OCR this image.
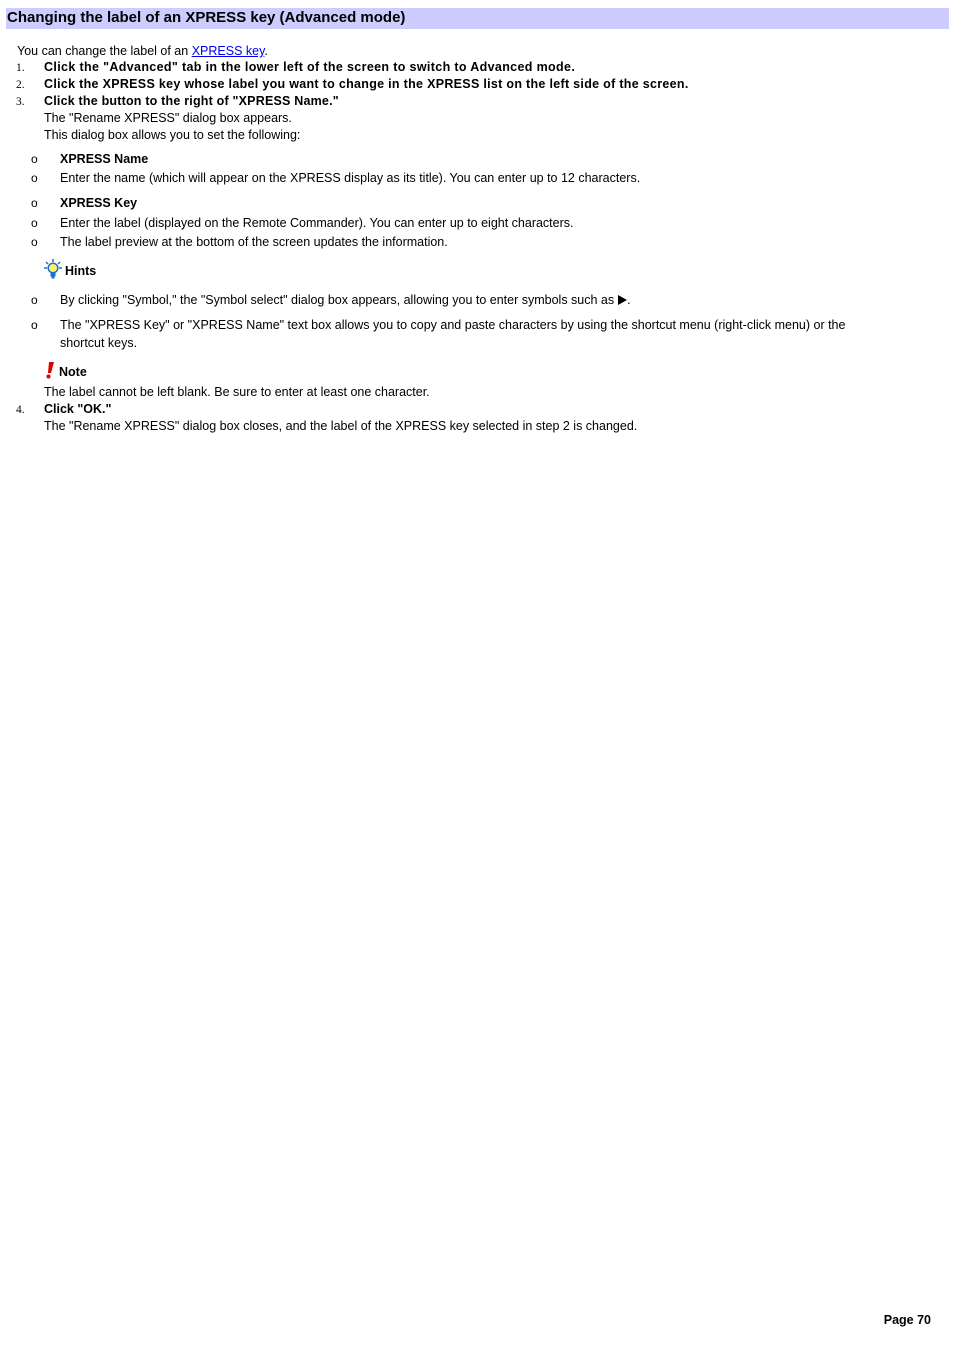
Changing the label of an XPRESS key (Advanced mode)
You can change the label of an XPRESS key.
1. Click the "Advanced" tab in the lower left of the screen to switch to Advanced mode.
2. Click the XPRESS key whose label you want to change in the XPRESS list on the left side of the screen.
3. Click the button to the right of "XPRESS Name."
The "Rename XPRESS" dialog box appears.
This dialog box allows you to set the following:
o XPRESS Name
o Enter the name (which will appear on the XPRESS display as its title). You can enter up to 12 characters.
o XPRESS Key
o Enter the label (displayed on the Remote Commander). You can enter up to eight characters.
o The label preview at the bottom of the screen updates the information.
Hints
o By clicking "Symbol," the "Symbol select" dialog box appears, allowing you to enter symbols such as .
o The "XPRESS Key" or "XPRESS Name" text box allows you to copy and paste characters by using the shortcut menu (right-click menu) or the
shortcut keys.
Note
The label cannot be left blank. Be sure to enter at least one character.
4. Click "OK."
The "Rename XPRESS" dialog box closes, and the label of the XPRESS key selected in step 2 is changed.
Page 70
